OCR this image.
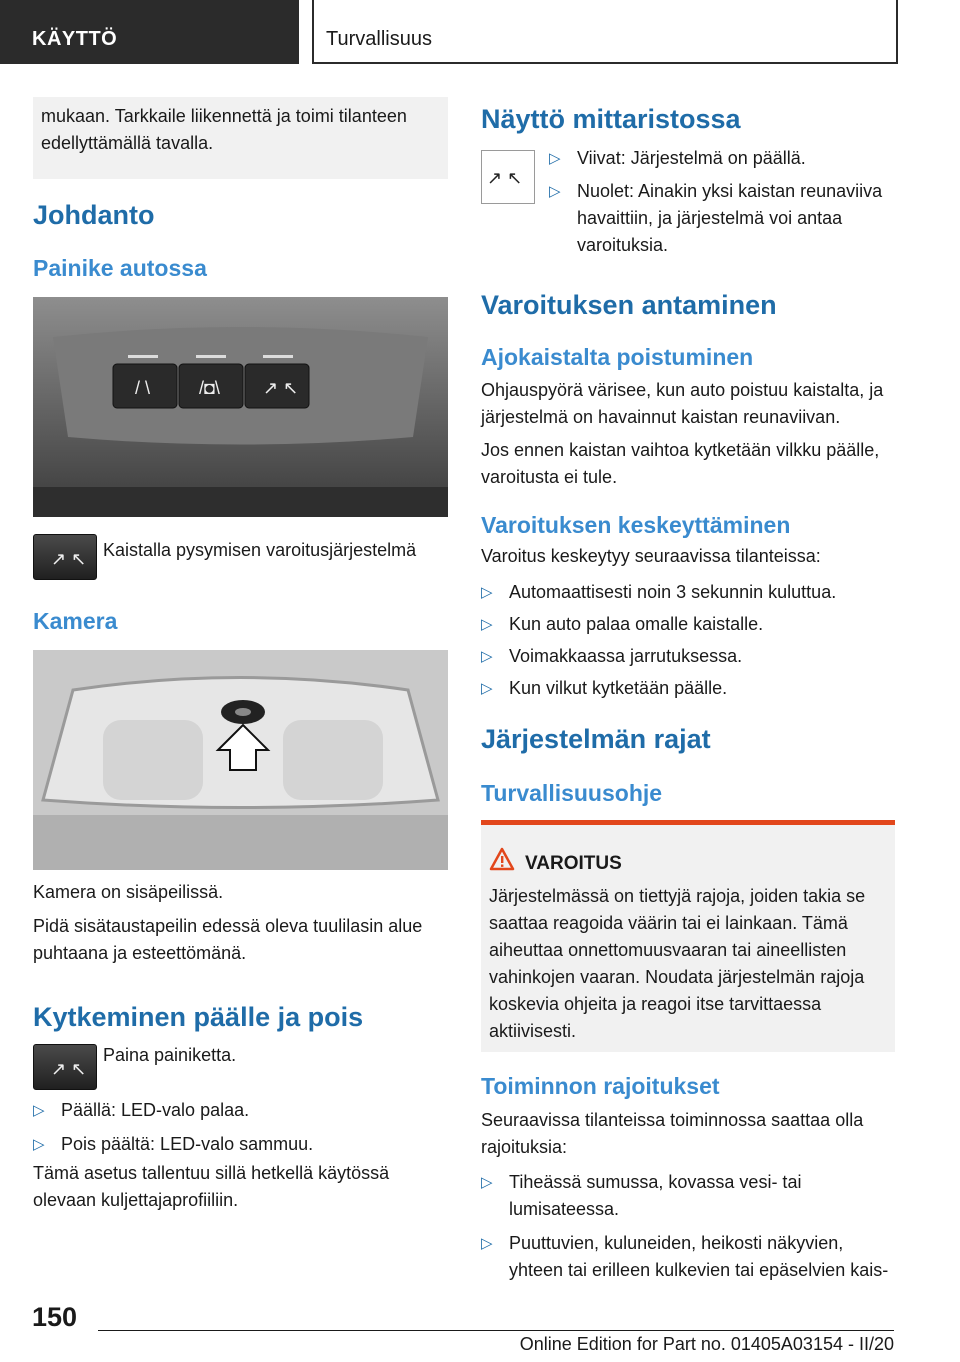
KÄYTTÖ	Turvallisuus
mukaan. Tarkkaile liikennettä ja toimi tilanteen edellyttämällä tavalla.
Johdanto
Painike autossa
/ \	/◘\ ↗ ↖
↗ ↖ Kaistalla pysymisen varoitusjärjestelmä
Kamera
Kamera on sisäpeilissä.
Pidä sisätaustapeilin edessä oleva tuulilasin alue puhtaana ja esteettömänä.
Kytkeminen päälle ja pois
↗ ↖
Paina painiketta.
▷ Päällä: LED-valo palaa.
▷ Pois päältä: LED-valo sammuu.
Tämä asetus tallentuu sillä hetkellä käytössä olevaan kuljettajaprofiiliin.
Näyttö mittaristossa
↗ ↖
▷ Viivat: Järjestelmä on päällä.
▷ Nuolet: Ainakin yksi kaistan reunaviiva havaittiin, ja järjestelmä voi antaa varoituksia.
Varoituksen antaminen
Ajokaistalta poistuminen
Ohjauspyörä värisee, kun auto poistuu kaistalta, ja järjestelmä on havainnut kaistan reunaviivan.
Jos ennen kaistan vaihtoa kytketään vilkku päälle, varoitusta ei tule.
Varoituksen keskeyttäminen
Varoitus keskeytyy seuraavissa tilanteissa:
▷ Automaattisesti noin 3 sekunnin kuluttua.
▷ Kun auto palaa omalle kaistalle.
▷ Voimakkaassa jarrutuksessa.
▷ Kun vilkut kytketään päälle.
Järjestelmän rajat
Turvallisuusohje
VAROITUS
Järjestelmässä on tiettyjä rajoja, joiden takia se saattaa reagoida väärin tai ei lainkaan. Tämä aiheuttaa onnettomuusvaaran tai aineellisten vahinkojen vaaran. Noudata järjestelmän rajoja koskevia ohjeita ja reagoi itse tarvittaessa aktiivisesti.
Toiminnon rajoitukset
Seuraavissa tilanteissa toiminnossa saattaa olla rajoituksia:
▷ Tiheässä sumussa, kovassa vesi- tai lumisateessa.
▷ Puuttuvien, kuluneiden, heikosti näkyvien, yhteen tai erilleen kulkevien tai epäselvien kais-
150
Online Edition for Part no. 01405A03154 - II/20
